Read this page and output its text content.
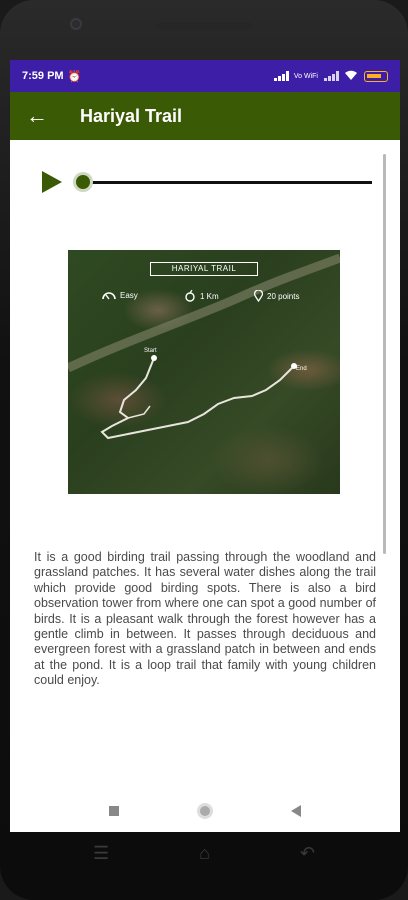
7:59 PM ⏰	Vo WiFi
←	Hariyal Trail
HARIYAL TRAIL
Easy	1 Km	20 points
Start
End

It is a good birding trail passing through the woodland and grassland patches. It has several water dishes along the trail which provide good birding spots. There is also a bird observation tower from where one can spot a good number of birds. It is a pleasant walk through the forest however has a gentle climb in between. It passes through deciduous and evergreen forest with a grassland patch in between and ends at the pond. It is a loop trail that family with young children could enjoy.

☰	⌂	↶
